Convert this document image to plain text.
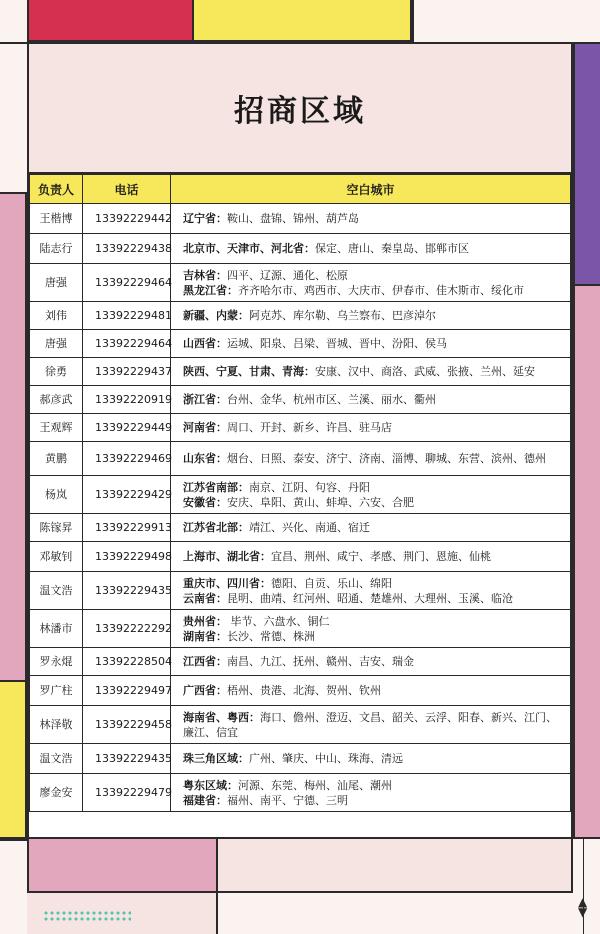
▲
▼
招商区域
负责人	电话	空白城市
王楷博	13392229442	辽宁省：鞍山、盘锦、锦州、葫芦岛

陆志行	13392229438	北京市、天津市、河北省：保定、唐山、秦皇岛、邯郸市区

唐强	13392229464	吉林省：四平、辽源、通化、松原
黑龙江省：齐齐哈尔市、鸡西市、大庆市、伊春市、佳木斯市、绥化市

刘伟	13392229481	新疆、内蒙：阿克苏、库尔勒、乌兰察布、巴彦淖尔

唐强	13392229464	山西省：运城、阳泉、吕梁、晋城、晋中、汾阳、侯马

徐勇	13392229437	陕西、宁夏、甘肃、青海：安康、汉中、商洛、武威、张掖、兰州、延安

郝彦武	13392220919	浙江省：台州、金华、杭州市区、兰溪、丽水、衢州

王观辉	13392229449	河南省：周口、开封、新乡、许昌、驻马店

黄鹏	13392229469	山东省：烟台、日照、泰安、济宁、济南、淄博、聊城、东营、滨州、德州

杨岚	13392229429	江苏省南部：南京、江阴、句容、丹阳
安徽省：安庆、阜阳、黄山、蚌埠、六安、合肥

陈镓昇	13392229913	江苏省北部：靖江、兴化、南通、宿迁

邓敏钊	13392229498	上海市、湖北省：宜昌、荆州、咸宁、孝感、荆门、恩施、仙桃

温文浩	13392229435	重庆市、四川省：德阳、自贡、乐山、绵阳
云南省：昆明、曲靖、红河州、昭通、楚雄州、大理州、玉溪、临沧

林潘市	13392222292	贵州省： 毕节、六盘水、铜仁
湖南省：长沙、常德、株洲

罗永焜	13392228504	江西省：南昌、九江、抚州、赣州、吉安、瑞金

罗广柱	13392229497	广西省：梧州、贵港、北海、贺州、钦州

林泽敬	13392229458	海南省、粤西：海口、儋州、澄迈、文昌、韶关、云浮、阳春、新兴、江门、廉江、信宜

温文浩	13392229435	珠三角区域：广州、肇庆、中山、珠海、清远

廖金安	13392229479	粤东区域：河源、东莞、梅州、汕尾、潮州
福建省：福州、南平、宁德、三明
